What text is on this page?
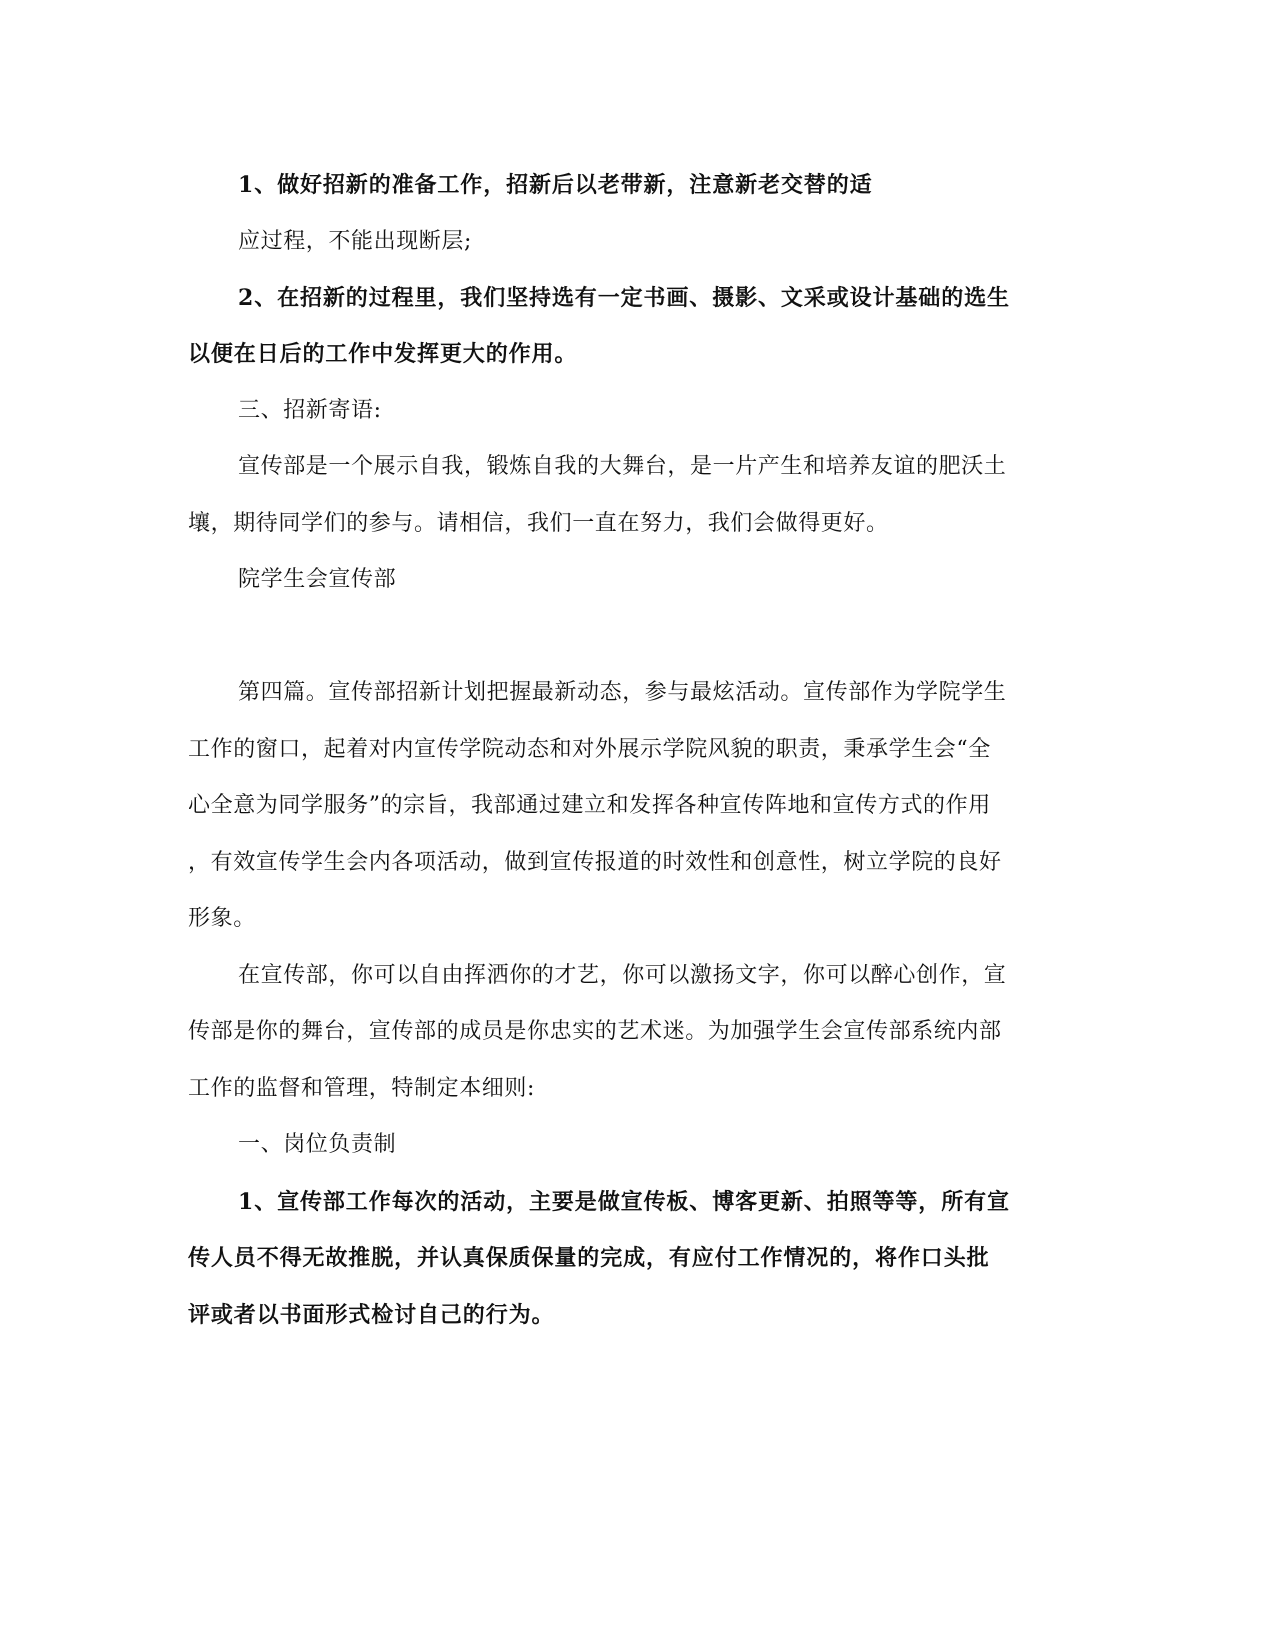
1、做好招新的准备工作，招新后以老带新，注意新老交替的适
应过程，不能出现断层;
2、在招新的过程里，我们坚持选有一定书画、摄影、文采或设计基础的选生
以便在日后的工作中发挥更大的作用。
三、招新寄语:
宣传部是一个展示自我，锻炼自我的大舞台，是一片产生和培养友谊的肥沃土
壤，期待同学们的参与。请相信，我们一直在努力，我们会做得更好。
院学生会宣传部
第四篇。宣传部招新计划把握最新动态，参与最炫活动。宣传部作为学院学生
工作的窗口，起着对内宣传学院动态和对外展示学院风貌的职责，秉承学生会“全
心全意为同学服务”的宗旨，我部通过建立和发挥各种宣传阵地和宣传方式的作用
，有效宣传学生会内各项活动，做到宣传报道的时效性和创意性，树立学院的良好
形象。
在宣传部，你可以自由挥洒你的才艺，你可以激扬文字，你可以醉心创作，宣
传部是你的舞台，宣传部的成员是你忠实的艺术迷。为加强学生会宣传部系统内部
工作的监督和管理，特制定本细则:
一、岗位负责制
1、宣传部工作每次的活动，主要是做宣传板、博客更新、拍照等等，所有宣
传人员不得无故推脱，并认真保质保量的完成，有应付工作情况的，将作口头批
评或者以书面形式检讨自己的行为。
